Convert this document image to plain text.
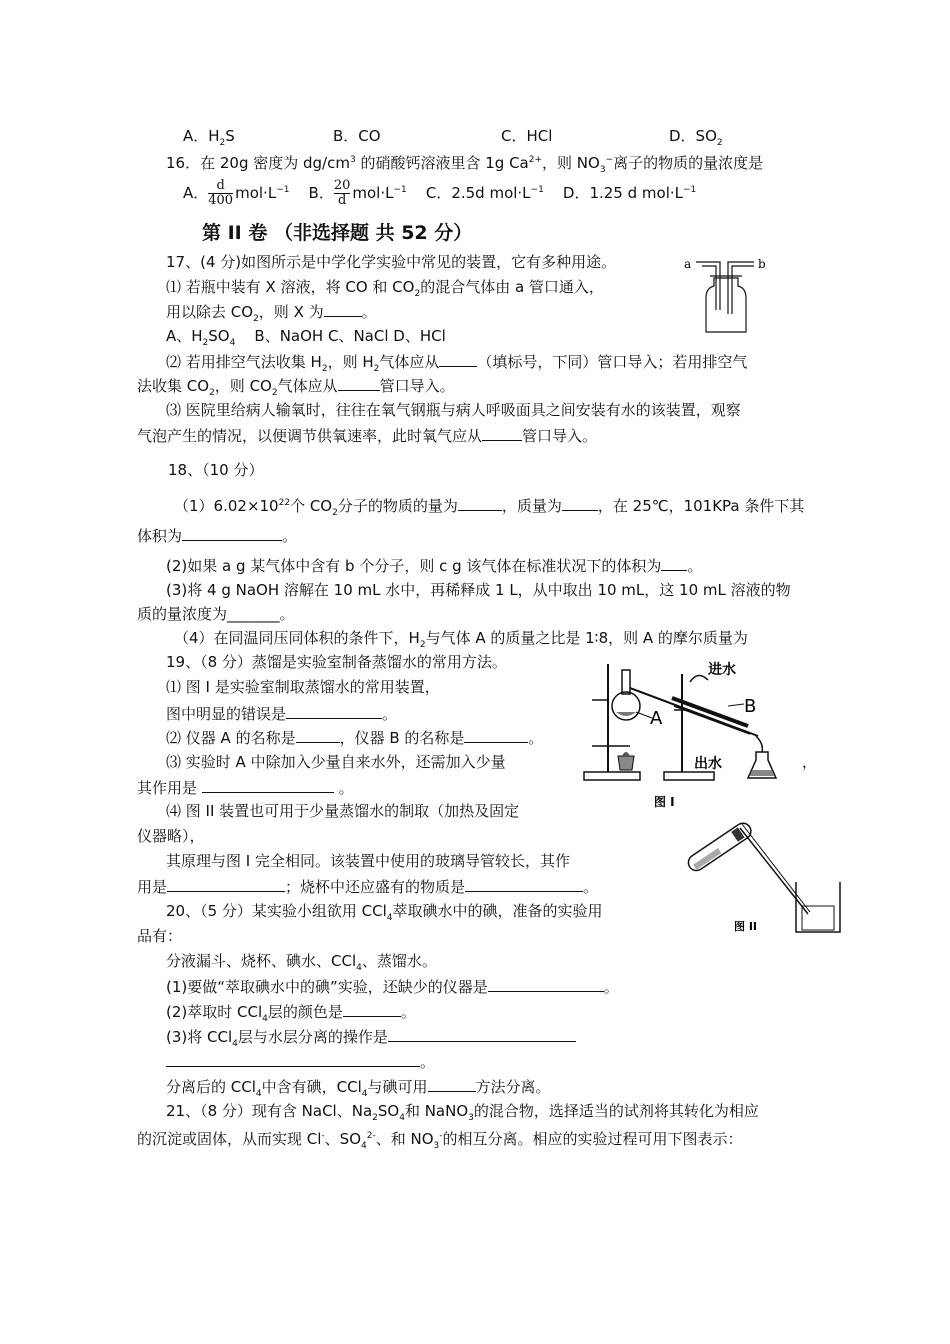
A．$H_2S$	B．CO	C．HCl	D．$SO_2$
16．在 20g 密度为 $dg/cm^3$ 的硝酸钙溶液里含 1g $Ca^{2+}$，则 $NO_3^-$离子的物质的量浓度是
A． $\frac{d}{400} mol\cdot L^{-1}$ B． $\frac{20}{d} mol\cdot L^{-1}$ C．2.5d $mol\cdot L^{-1}$ D．1.25 d $mol\cdot L^{-1}$
第 II 卷 （非选择题 共 52 分）
17、(4 分)如图所示是中学化学实验中常见的装置，它有多种用途。
⑴ 若瓶中装有 X 溶液，将 CO 和 $CO_2$的混合气体由 a 管口通入，
用以除去 $CO_2$，则 X 为	。
A、$H_2SO_4$ B、NaOH C、NaCl D、HCl
⑵ 若用排空气法收集 $H_2$，则 $H_2$气体应从	（填标号，下同）管口导入；若用排空气
法收集 $CO_2$，则 $CO_2$气体应从	管口导入。
⑶ 医院里给病人输氧时，往往在氧气钢瓶与病人呼吸面具之间安装有水的该装置，观察
气泡产生的情况，以便调节供氧速率，此时氧气应从	管口导入。
a	b
18、（10 分）
$(1)6.02\times 10^{22}$个 $CO_2$分子的物质的量为	，质量为 ，在 25℃，101KPa 条件下其
体积为	。
(2)如果 a g 某气体中含有 b 个分子，则 c g 该气体在标准状况下的体积为 。
(3)将 4 g NaOH 溶解在 10 mL 水中，再稀释成 1 L，从中取出 10 mL，这 10 mL 溶液的物
质的量浓度为_______。
（4）在同温同压同体积的条件下，$H_2$与气体 A 的质量之比是 1∶8，则 A 的摩尔质量为
19、（8 分）蒸馏是实验室制备蒸馏水的常用方法。
⑴ 图 I 是实验室制取蒸馏水的常用装置，
图中明显的错误是	。
⑵ 仪器 A 的名称是	，仪器 B 的名称是	。
⑶ 实验时 A 中除加入少量自来水外，还需加入少量	，
其作用是	。
⑷ 图 II 装置也可用于少量蒸馏水的制取（加热及固定
仪器略），
其原理与图 I 完全相同。该装置中使用的玻璃导管较长，其作
用是	；烧杯中还应盛有的物质是	。
进水
出水
A
B
图 I
图 II
20、（5 分）某实验小组欲用 CCl$_4$萃取碘水中的碘，准备的实验用
品有：
分液漏斗、烧杯、碘水、CCl$_4$、蒸馏水。
(1)要做“萃取碘水中的碘”实验，还缺少的仪器是	。
(2)萃取时 CCl$_4$层的颜色是	。
(3)将 CCl$_4$层与水层分离的操作是
。
分离后的 CCl$_4$中含有碘，CCl$_4$与碘可用	方法分离。
21、（8 分）现有含 NaCl、$Na_2SO_4$和 NaNO$_3$的混合物，选择适当的试剂将其转化为相应
的沉淀或固体，从而实现 Cl-、$SO_4^{2-}$、和 $NO_3^-$的相互分离。相应的实验过程可用下图表示：
